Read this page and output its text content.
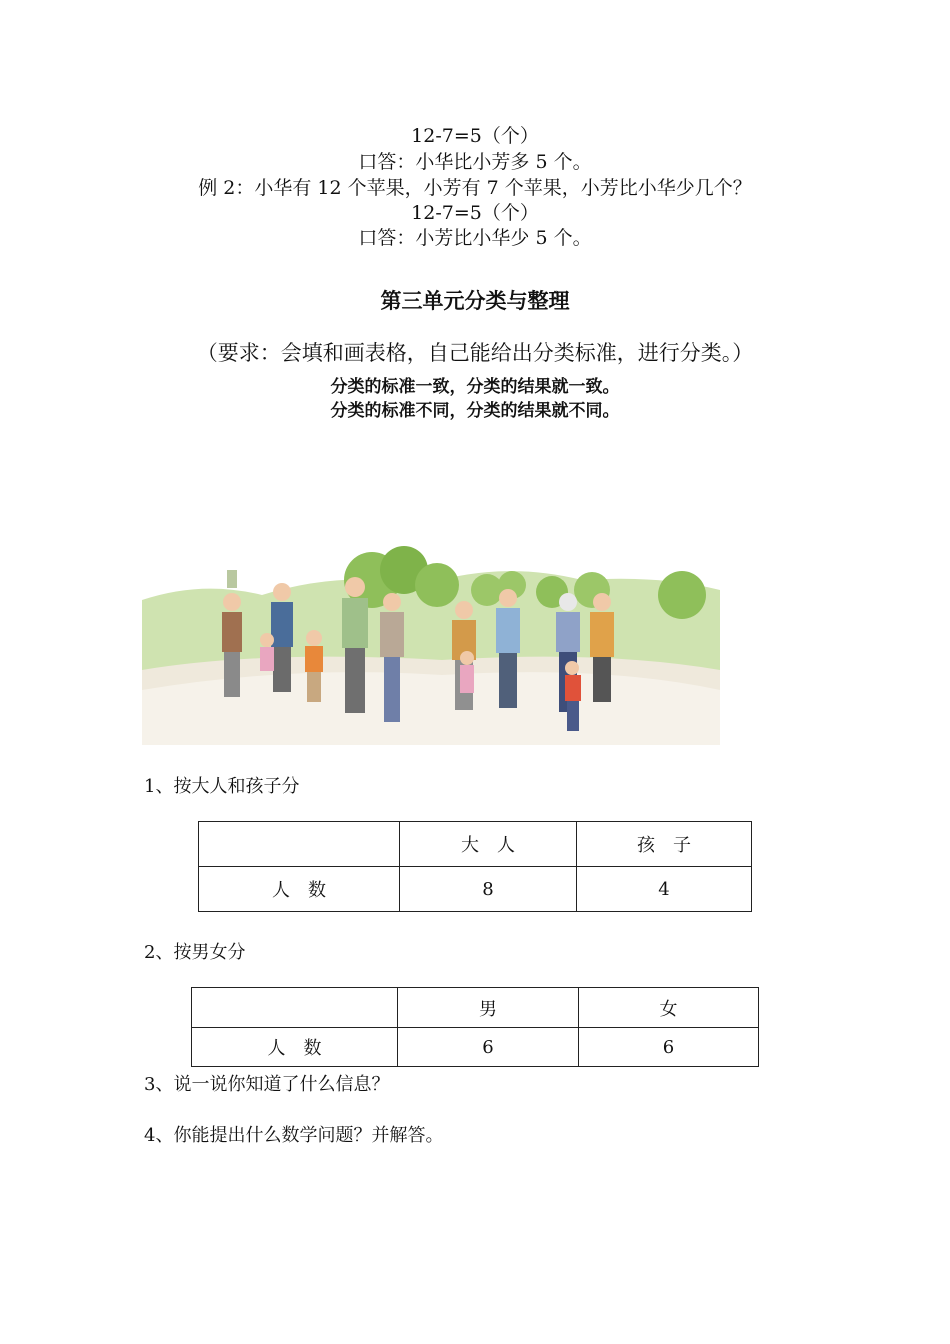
12-7=5（个）
口答：小华比小芳多 5 个。
例 2：小华有 12 个苹果，小芳有 7 个苹果，小芳比小华少几个？
12-7=5（个）
口答：小芳比小华少 5 个。
第三单元分类与整理
（要求：会填和画表格，自己能给出分类标准，进行分类。）
分类的标准一致，分类的结果就一致。
分类的标准不同，分类的结果就不同。
1、按大人和孩子分
	大　人	孩　子
人　数	8	4
2、按男女分
	男	女
人　数	6	6
3、说一说你知道了什么信息？
4、你能提出什么数学问题？并解答。
